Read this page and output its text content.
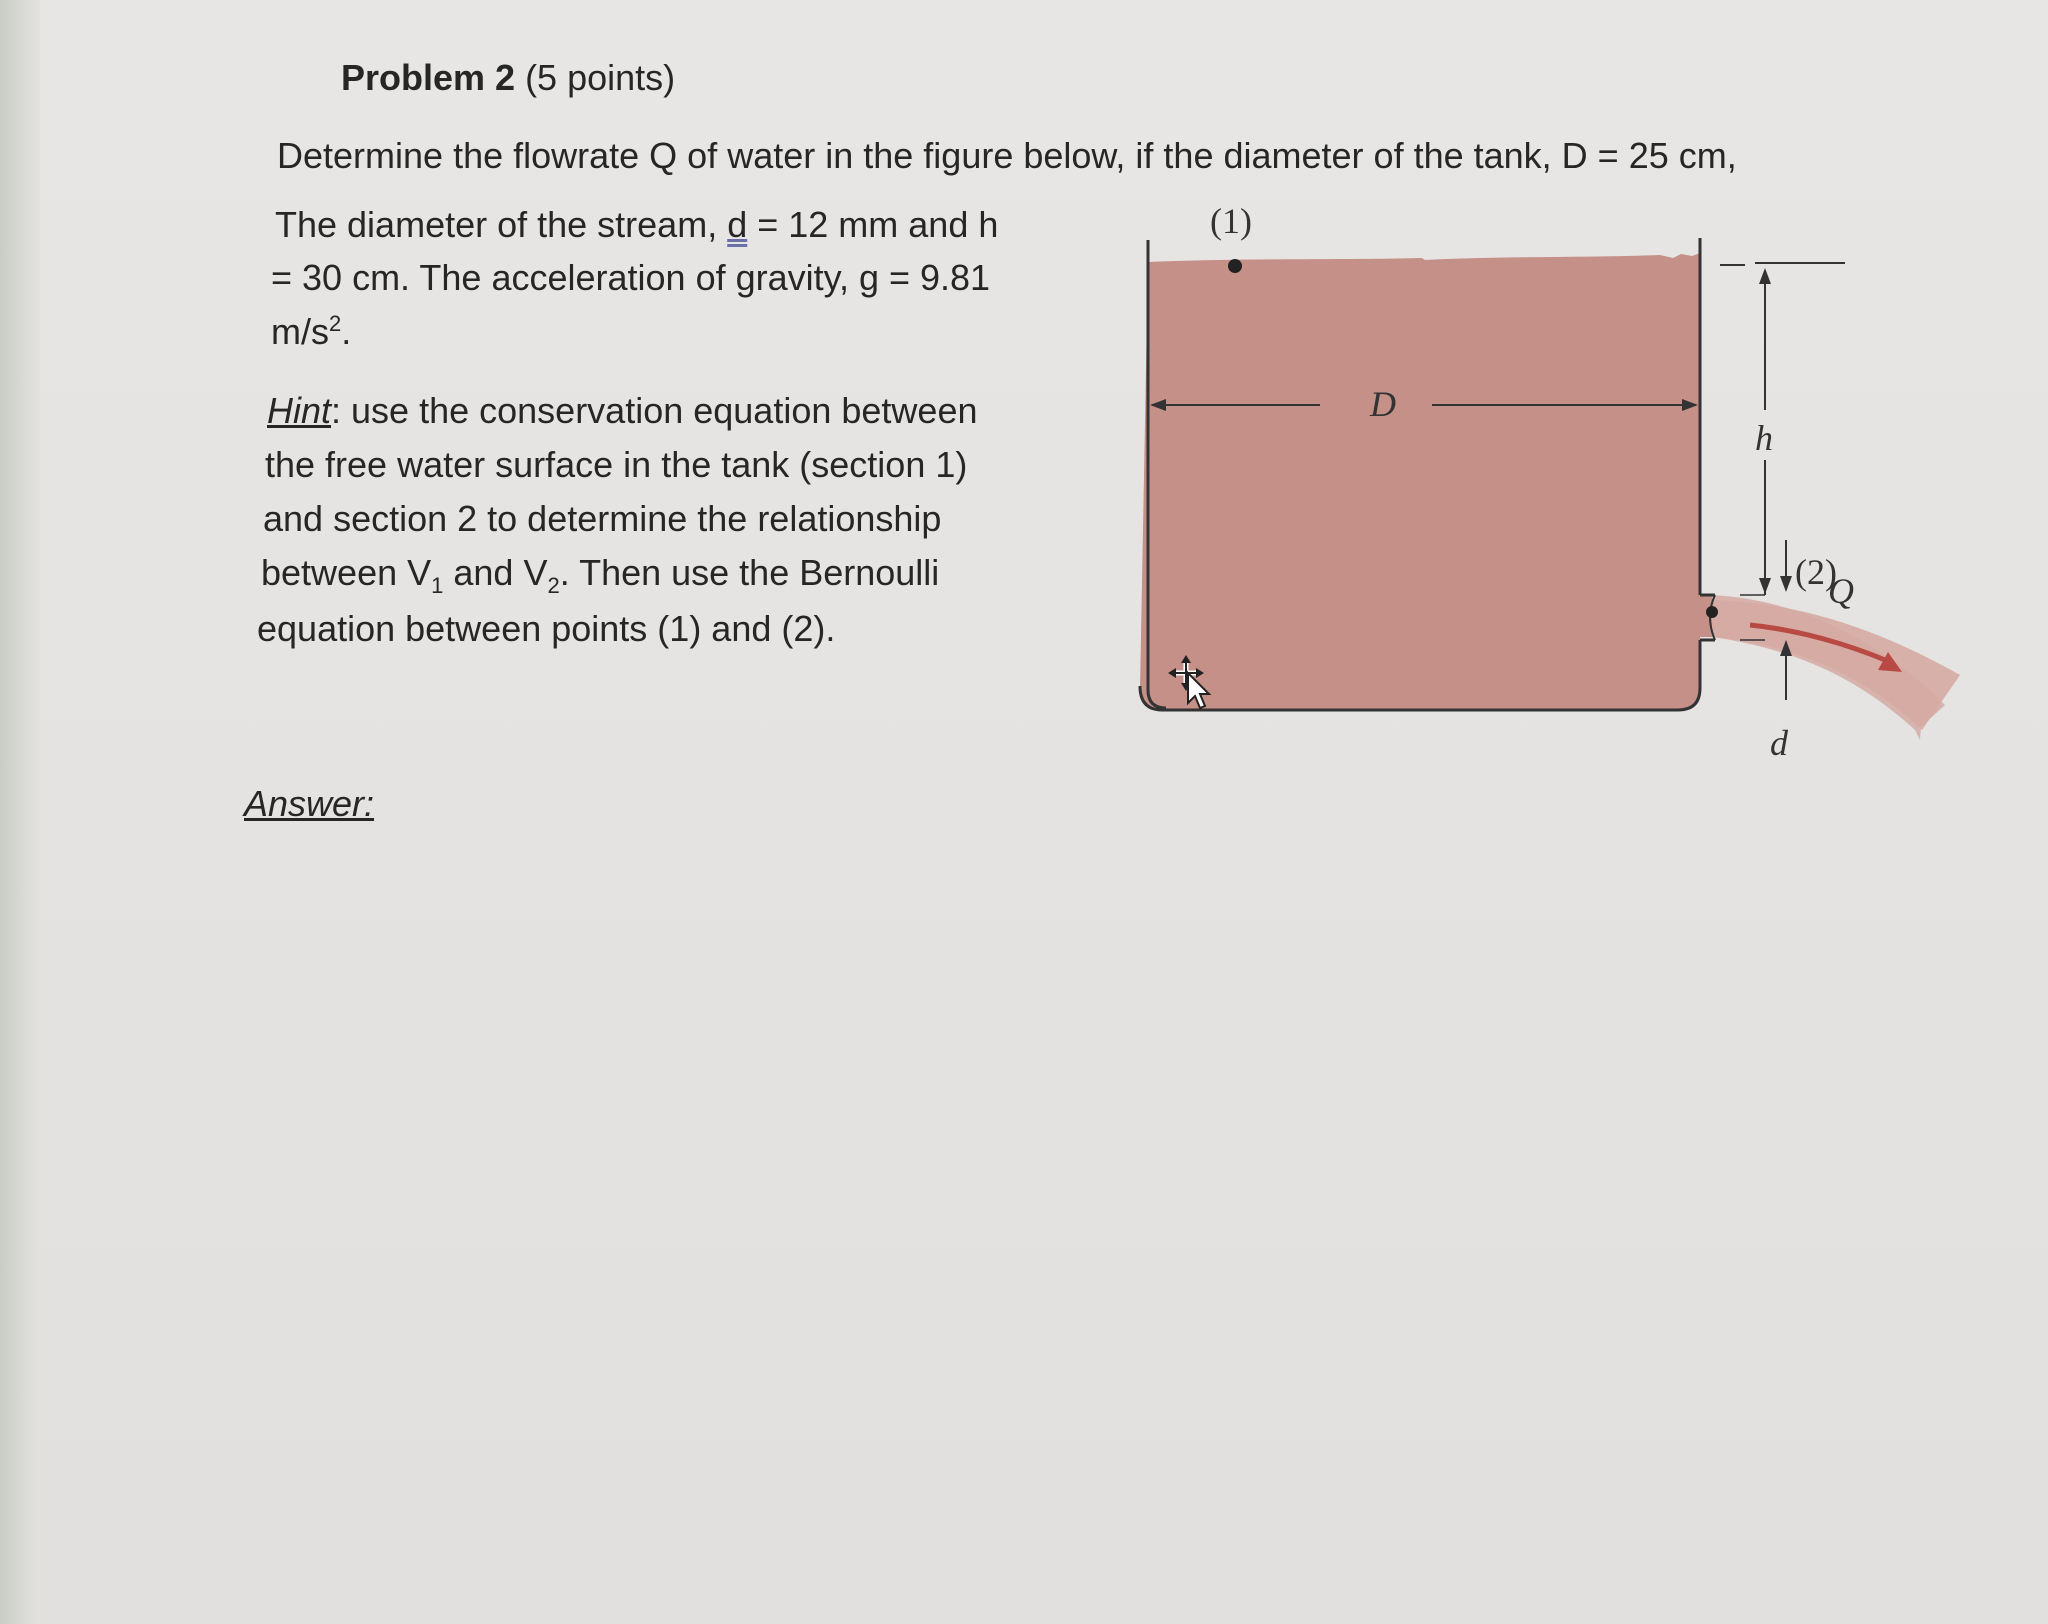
Problem 2 (5 points)
Determine the flowrate Q of water in the figure below, if the diameter of the tank, D = 25 cm,
The diameter of the stream, d = 12 mm and h
= 30 cm. The acceleration of gravity, g = 9.81
$m/s^2$.
Hint: use the conservation equation between
the free water surface in the tank (section 1)
and section 2 to determine the relationship
between $V_1$ and $V_2$. Then use the Bernoulli
equation between points (1) and (2).
Answer:
(1)
D
h
(2)
Q
d
